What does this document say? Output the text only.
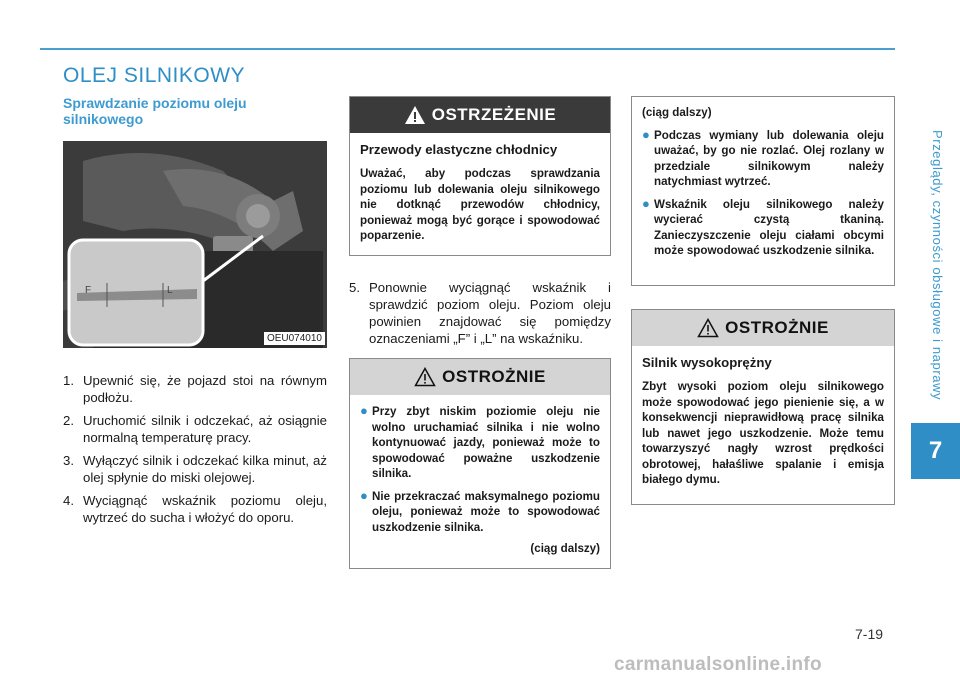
Przeglądy, czynności obsługowe i naprawy
7
OLEJ SILNIKOWY
Sprawdzanie poziomu oleju silnikowego
F	L
OEU074010
1. Upewnić się, że pojazd stoi na równym podłożu.
2. Uruchomić silnik i odczekać, aż osiągnie normalną temperaturę pracy.
3. Wyłączyć silnik i odczekać kilka minut, aż olej spłynie do miski olejowej.
4. Wyciągnąć wskaźnik poziomu oleju, wytrzeć do sucha i włożyć do oporu.
OSTRZEŻENIE
Przewody elastyczne chłodnicy

Uważać, aby podczas sprawdzania poziomu lub dolewania oleju silnikowego nie dotknąć przewodów chłodnicy, ponieważ mogą być gorące i spowodować poparzenie.

5. Ponownie wyciągnąć wskaźnik i sprawdzić poziom oleju. Poziom oleju powinien znajdować się pomiędzy oznaczeniami „F” i „L” na wskaźniku.
OSTROŻNIE
● Przy zbyt niskim poziomie oleju nie wolno uruchamiać silnika i nie wolno kontynuować jazdy, ponieważ może to spowodować poważne uszkodzenie silnika.
● Nie przekraczać maksymalnego poziomu oleju, ponieważ może to spowodować uszkodzenie silnika.
(ciąg dalszy)
(ciąg dalszy)
● Podczas wymiany lub dolewania oleju uważać, by go nie rozlać. Olej rozlany w przedziale silnikowym należy natychmiast wytrzeć.
● Wskaźnik oleju silnikowego należy wycierać czystą tkaniną. Zanieczyszczenie oleju ciałami obcymi może spowodować uszkodzenie silnika.
OSTROŻNIE
Silnik wysokoprężny

Zbyt wysoki poziom oleju silnikowego może spowodować jego pienienie się, a w konsekwencji nieprawidłową pracę silnika lub nawet jego uszkodzenie. Może temu towarzyszyć nagły wzrost prędkości obrotowej, hałaśliwe spalanie i emisja białego dymu.

7-19
carmanualsonline.info
